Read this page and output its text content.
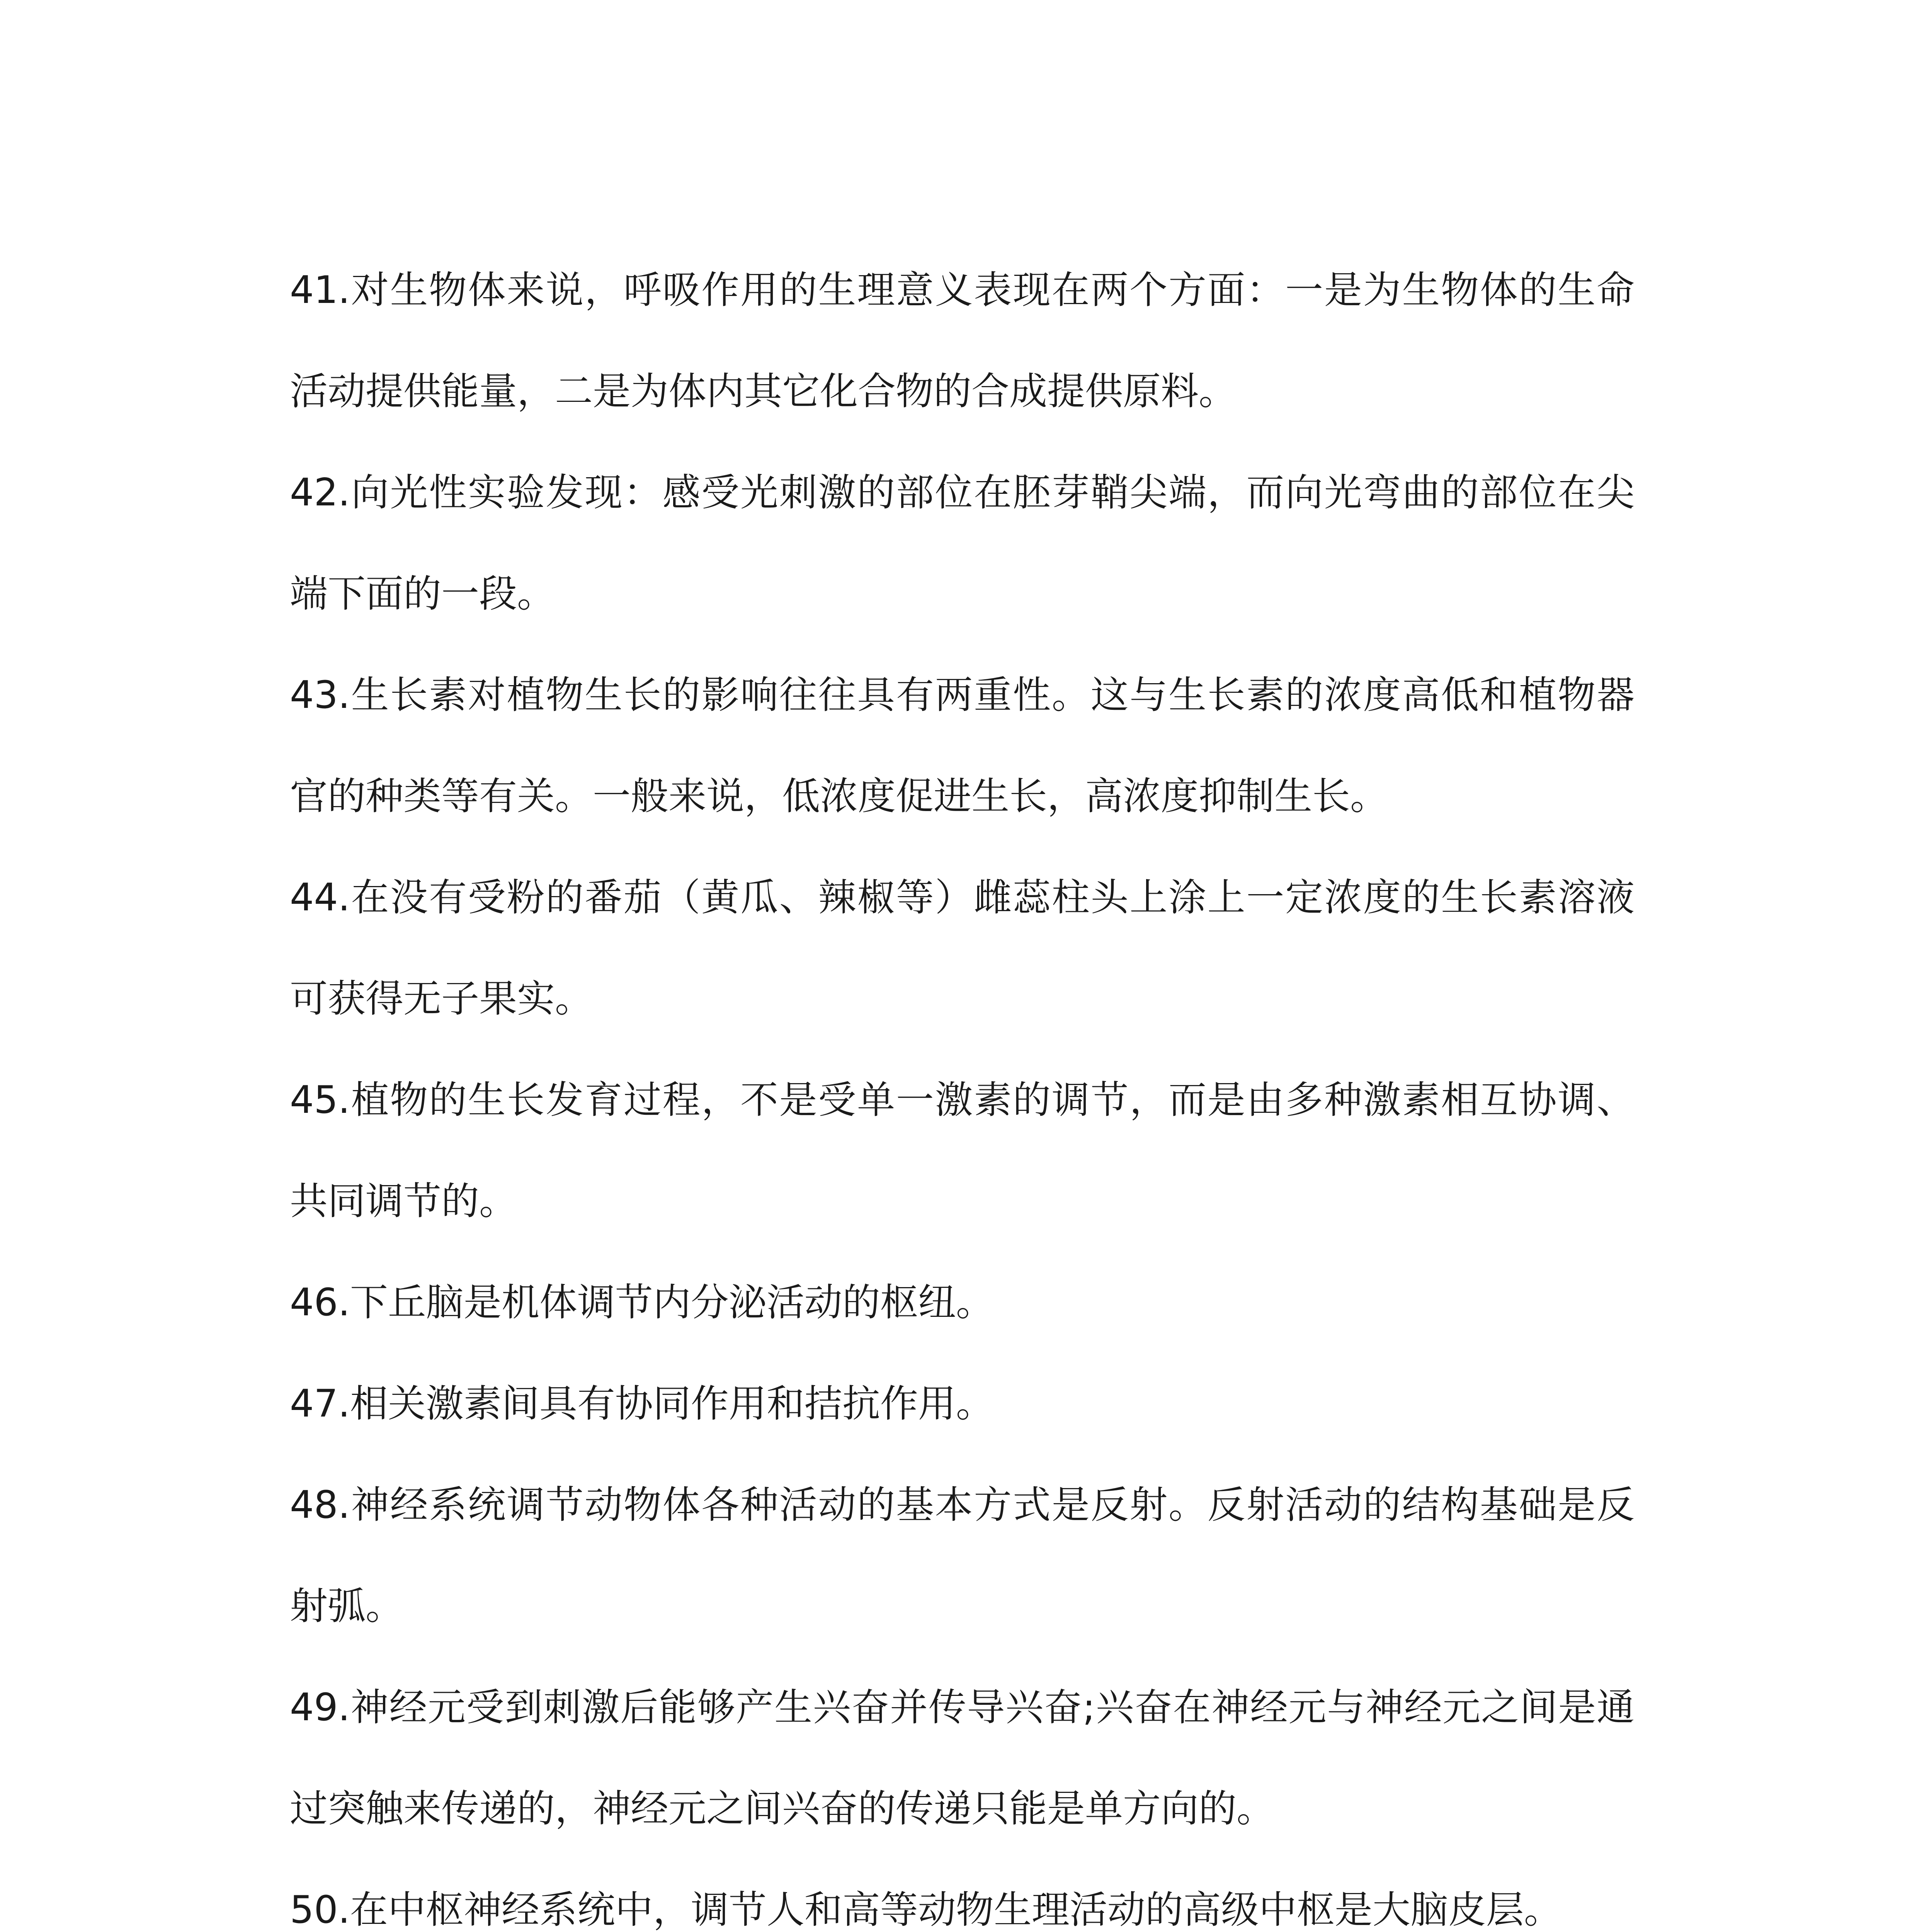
41.对生物体来说，呼吸作用的生理意义表现在两个方面：一是为生物体的生命活动提供能量，二是为体内其它化合物的合成提供原料。

42.向光性实验发现：感受光刺激的部位在胚芽鞘尖端，而向光弯曲的部位在尖端下面的一段。

43.生长素对植物生长的影响往往具有两重性。这与生长素的浓度高低和植物器官的种类等有关。一般来说，低浓度促进生长，高浓度抑制生长。

44.在没有受粉的番茄（黄瓜、辣椒等）雌蕊柱头上涂上一定浓度的生长素溶液可获得无子果实。

45.植物的生长发育过程，不是受单一激素的调节，而是由多种激素相互协调、共同调节的。

46.下丘脑是机体调节内分泌活动的枢纽。

47.相关激素间具有协同作用和拮抗作用。

48.神经系统调节动物体各种活动的基本方式是反射。反射活动的结构基础是反射弧。

49.神经元受到刺激后能够产生兴奋并传导兴奋;兴奋在神经元与神经元之间是通过突触来传递的，神经元之间兴奋的传递只能是单方向的。

50.在中枢神经系统中，调节人和高等动物生理活动的高级中枢是大脑皮层。
